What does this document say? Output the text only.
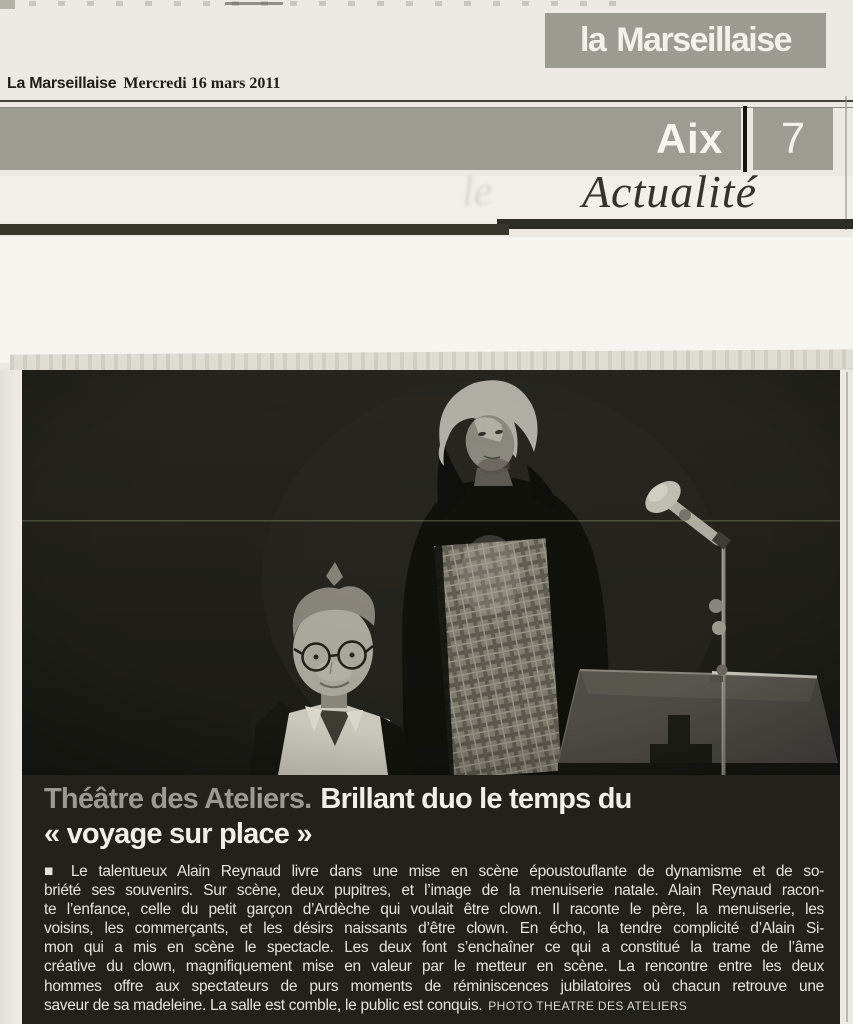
la Marseillaise
La Marseillaise Mercredi 16 mars 2011
Aix 7
le Actualité
Théâtre des Ateliers. Brillant duo le temps du
« voyage sur place »
■ Le talentueux Alain Reynaud livre dans une mise en scène époustouflante de dynamisme et de so-
briété ses souvenirs. Sur scène, deux pupitres, et l’image de la menuiserie natale. Alain Reynaud racon-
te l’enfance, celle du petit garçon d’Ardèche qui voulait être clown. Il raconte le père, la menuiserie, les
voisins, les commerçants, et les désirs naissants d’être clown. En écho, la tendre complicité d’Alain Si-
mon qui a mis en scène le spectacle. Les deux font s’enchaîner ce qui a constitué la trame de l’âme
créative du clown, magnifiquement mise en valeur par le metteur en scène. La rencontre entre les deux
hommes offre aux spectateurs de purs moments de réminiscences jubilatoires où chacun retrouve une
saveur de sa madeleine. La salle est comble, le public est conquis. PHOTO THEATRE DES ATELIERS
